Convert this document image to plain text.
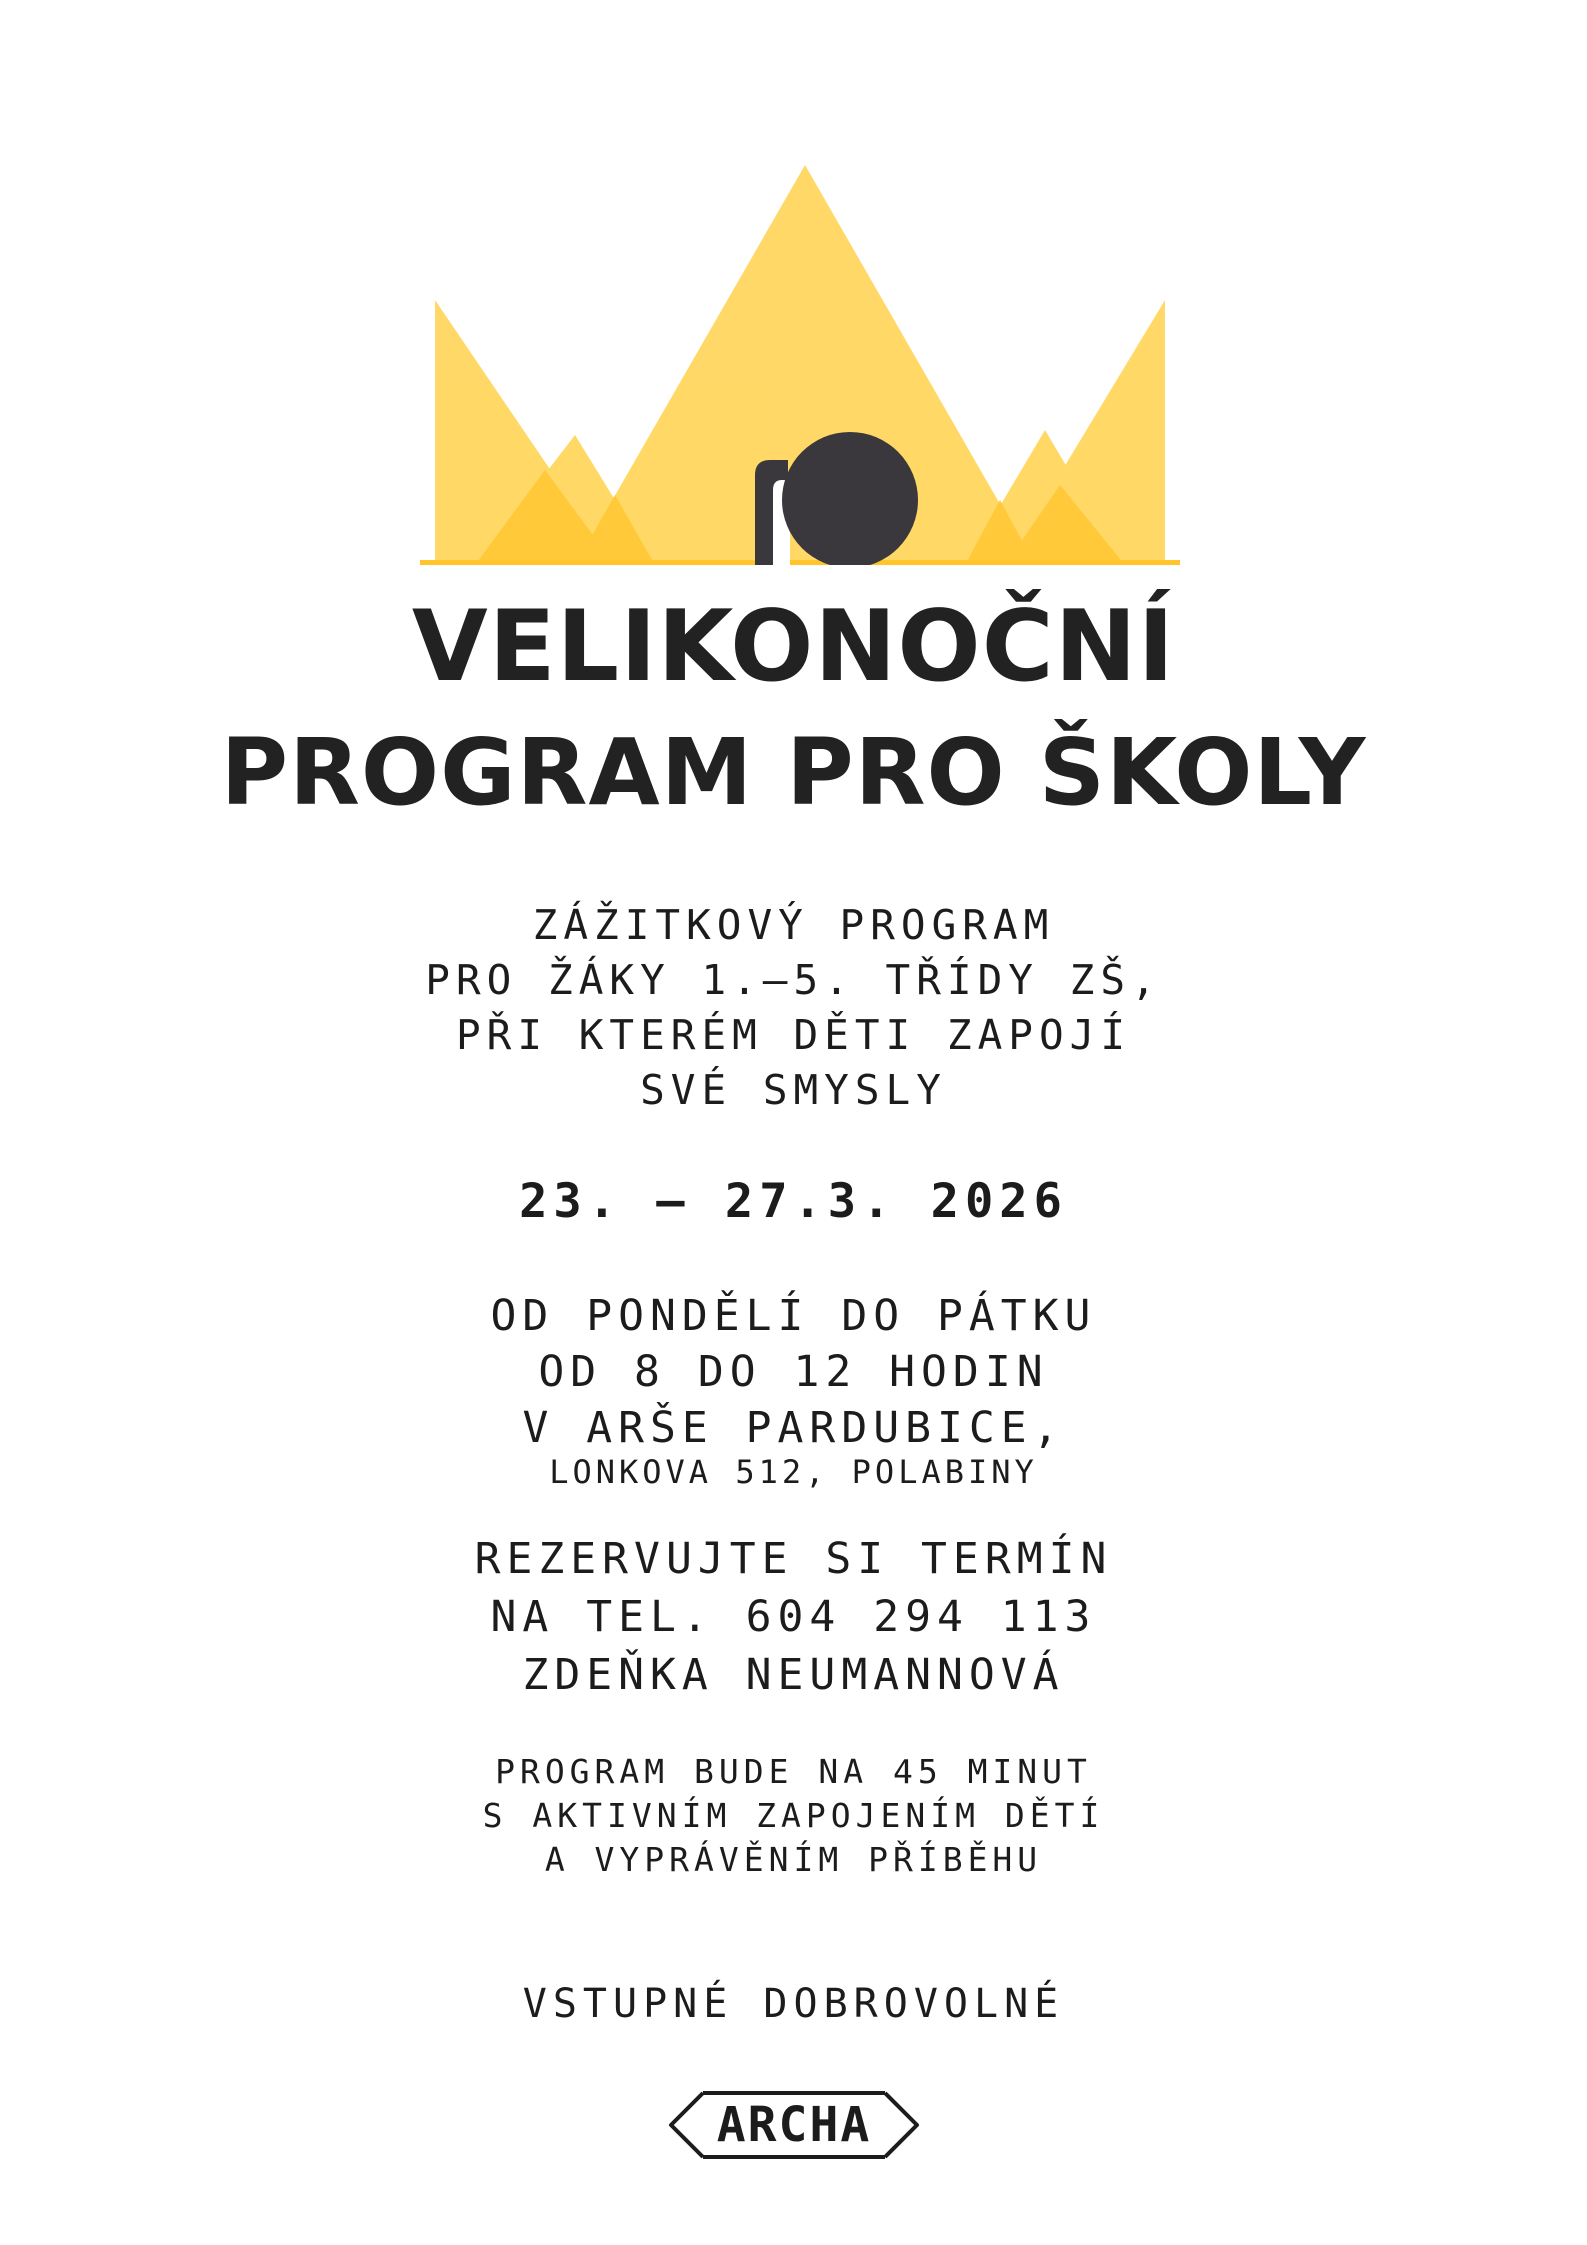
VELIKONOČNÍ
PROGRAM PRO ŠKOLY
ZÁŽITKOVÝ PROGRAM
PRO ŽÁKY 1.–5. TŘÍDY ZŠ,
PŘI KTERÉM DĚTI ZAPOJÍ
SVÉ SMYSLY
23. – 27.3. 2026
OD PONDĚLÍ DO PÁTKU
OD 8 DO 12 HODIN
V ARŠE PARDUBICE,
LONKOVA 512, POLABINY
REZERVUJTE SI TERMÍN
NA TEL. 604 294 113
ZDEŇKA NEUMANNOVÁ
PROGRAM BUDE NA 45 MINUT
S AKTIVNÍM ZAPOJENÍM DĚTÍ
A VYPRÁVĚNÍM PŘÍBĚHU
VSTUPNÉ DOBROVOLNÉ
ARCHA
